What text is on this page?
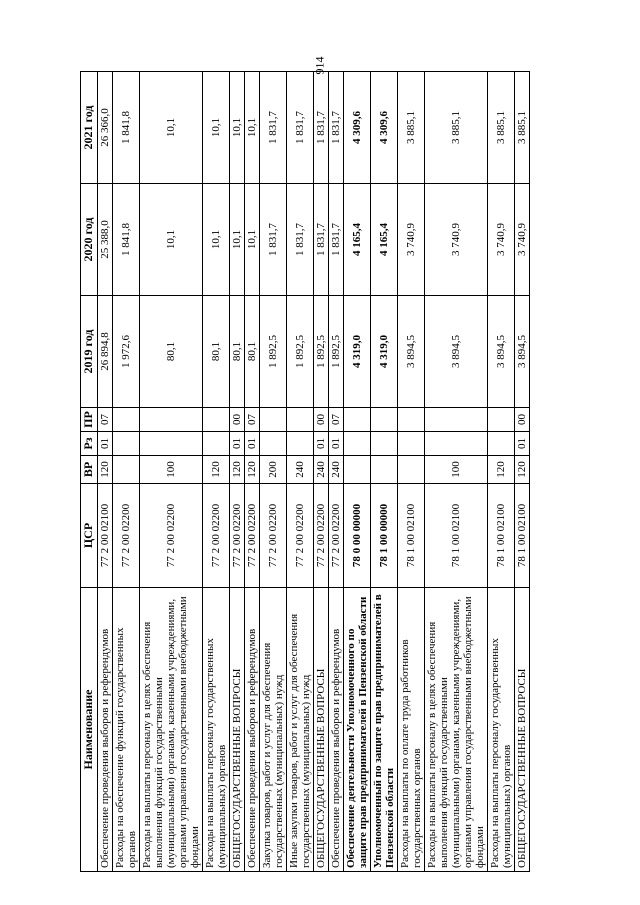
914
Наименование	ЦСР	ВР	Рз	ПР	2019 год	2020 год	2021 год
Обеспечение проведения выборов и референдумов	77 2 00 02100	120	01	07	26 894,8	25 388,0	26 366,0
Расходы на обеспечение функций государственных органов	77 2 00 02200				1 972,6	1 841,8	1 841,8
Расходы на выплаты персоналу в целях обеспечения выполнения функций государственными (муниципальными) органами, казенными учреждениями, органами управления государственными внебюджетными фондами	77 2 00 02200	100			80,1	10,1	10,1
Расходы на выплаты персоналу государственных (муниципальных) органов	77 2 00 02200	120			80,1	10,1	10,1
ОБЩЕГОСУДАРСТВЕННЫЕ ВОПРОСЫ	77 2 00 02200	120	01	00	80,1	10,1	10,1
Обеспечение проведения выборов и референдумов	77 2 00 02200	120	01	07	80,1	10,1	10,1
Закупка товаров, работ и услуг для обеспечения государственных (муниципальных) нужд	77 2 00 02200	200			1 892,5	1 831,7	1 831,7
Иные закупки товаров, работ и услуг для обеспечения государственных (муниципальных) нужд	77 2 00 02200	240			1 892,5	1 831,7	1 831,7
ОБЩЕГОСУДАРСТВЕННЫЕ ВОПРОСЫ	77 2 00 02200	240	01	00	1 892,5	1 831,7	1 831,7
Обеспечение проведения выборов и референдумов	77 2 00 02200	240	01	07	1 892,5	1 831,7	1 831,7
Обеспечение деятельности Уполномоченного по защите прав предпринимателей в Пензенской области	78 0 00 00000				4 319,0	4 165,4	4 309,6
Уполномоченный по защите прав предпринимателей в Пензенской области	78 1 00 00000				4 319,0	4 165,4	4 309,6
Расходы на выплаты по оплате труда работников государственных органов	78 1 00 02100				3 894,5	3 740,9	3 885,1
Расходы на выплаты персоналу в целях обеспечения выполнения функций государственными (муниципальными) органами, казенными учреждениями, органами управления государственными внебюджетными фондами	78 1 00 02100	100			3 894,5	3 740,9	3 885,1
Расходы на выплаты персоналу государственных (муниципальных) органов	78 1 00 02100	120			3 894,5	3 740,9	3 885,1
ОБЩЕГОСУДАРСТВЕННЫЕ ВОПРОСЫ	78 1 00 02100	120	01	00	3 894,5	3 740,9	3 885,1
